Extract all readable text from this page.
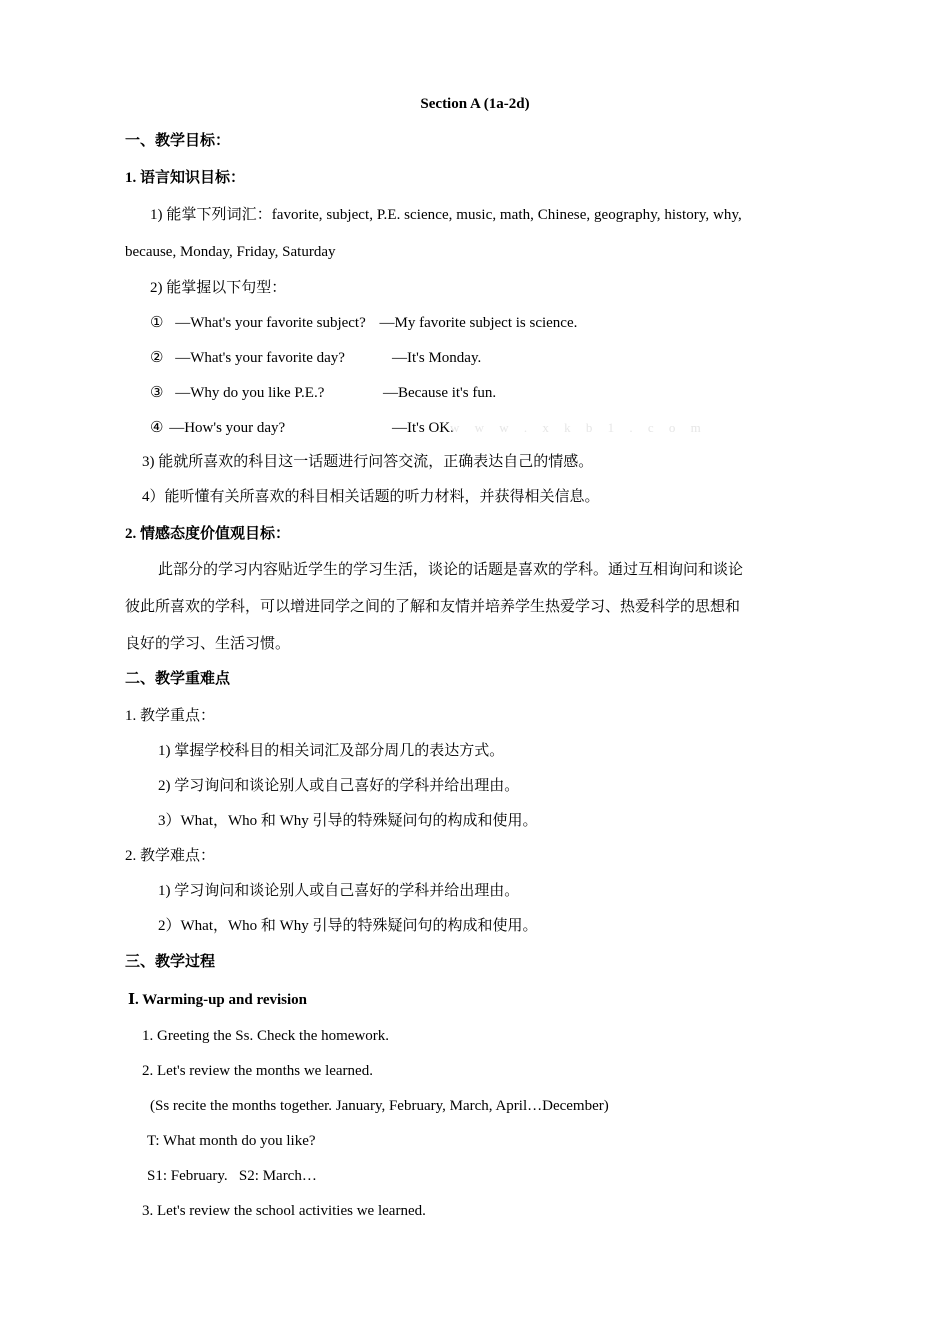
Section A (1a-2d)
一、教学目标：
1. 语言知识目标：
1) 能掌下列词汇：favorite, subject, P.E. science, music, math, Chinese, geography, history, why,
because, Monday, Friday, Saturday
2) 能掌握以下句型：
① —What's your favorite subject? —My favorite subject is science.
② —What's your favorite day?	—It's Monday.
③ —Why do you like P.E.?	—Because it's fun.
④ —How's your day?	—It's OK.
w w w . x k b 1 . c o m
3) 能就所喜欢的科目这一话题进行问答交流，正确表达自己的情感。
4）能听懂有关所喜欢的科目相关话题的听力材料，并获得相关信息。
2. 情感态度价值观目标：
此部分的学习内容贴近学生的学习生活，谈论的话题是喜欢的学科。通过互相询问和谈论
彼此所喜欢的学科，可以增进同学之间的了解和友情并培养学生热爱学习、热爱科学的思想和
良好的学习、生活习惯。
二、教学重难点
1. 教学重点：
1) 掌握学校科目的相关词汇及部分周几的表达方式。
2) 学习询问和谈论别人或自己喜好的学科并给出理由。
3）What，Who 和 Why 引导的特殊疑问句的构成和使用。
2. 教学难点：
1) 学习询问和谈论别人或自己喜好的学科并给出理由。
2）What，Who 和 Why 引导的特殊疑问句的构成和使用。
三、教学过程
Ⅰ. Warming-up and revision
1. Greeting the Ss. Check the homework.
2. Let's review the months we learned.
(Ss recite the months together. January, February, March, April…December)
T: What month do you like?
S1: February.   S2: March…
3. Let's review the school activities we learned.
